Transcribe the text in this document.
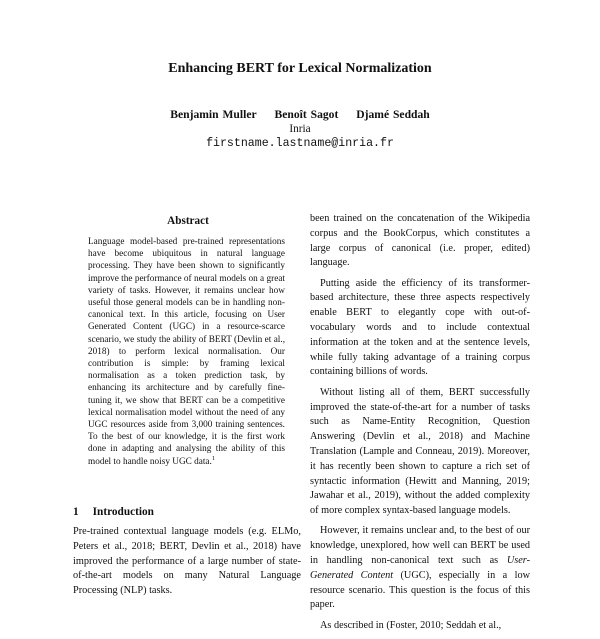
Enhancing BERT for Lexical Normalization
Benjamin Muller Benoît Sagot Djamé Seddah
Inria
firstname.lastname@inria.fr
Abstract
Language model-based pre-trained representations have become ubiquitous in natural language processing. They have been shown to significantly improve the performance of neural models on a great variety of tasks. However, it remains unclear how useful those general models can be in handling non-canonical text. In this article, focusing on User Generated Content (UGC) in a resource-scarce scenario, we study the ability of BERT (Devlin et al., 2018) to perform lexical normalisation. Our contribution is simple: by framing lexical normalisation as a token prediction task, by enhancing its architecture and by carefully fine-tuning it, we show that BERT can be a competitive lexical normalisation model without the need of any UGC resources aside from 3,000 training sentences. To the best of our knowledge, it is the first work done in adapting and analysing the ability of this model to handle noisy UGC data.$^1$
1 Introduction
Pre-trained contextual language models (e.g. ELMo, Peters et al., 2018; BERT, Devlin et al., 2018) have improved the performance of a large number of state-of-the-art models on many Natural Language Processing (NLP) tasks.

been trained on the concatenation of the Wikipedia corpus and the BookCorpus, which constitutes a large corpus of canonical (i.e. proper, edited) language.

Putting aside the efficiency of its transformer-based architecture, these three aspects respectively enable BERT to elegantly cope with out-of-vocabulary words and to include contextual information at the token and at the sentence levels, while fully taking advantage of a training corpus containing billions of words.

Without listing all of them, BERT successfully improved the state-of-the-art for a number of tasks such as Name-Entity Recognition, Question Answering (Devlin et al., 2018) and Machine Translation (Lample and Conneau, 2019). Moreover, it has recently been shown to capture a rich set of syntactic information (Hewitt and Manning, 2019; Jawahar et al., 2019), without the added complexity of more complex syntax-based language models.

However, it remains unclear and, to the best of our knowledge, unexplored, how well can BERT be used in handling non-canonical text such as User-Generated Content (UGC), especially in a low resource scenario. This question is the focus of this paper.

As described in (Foster, 2010; Seddah et al.,
